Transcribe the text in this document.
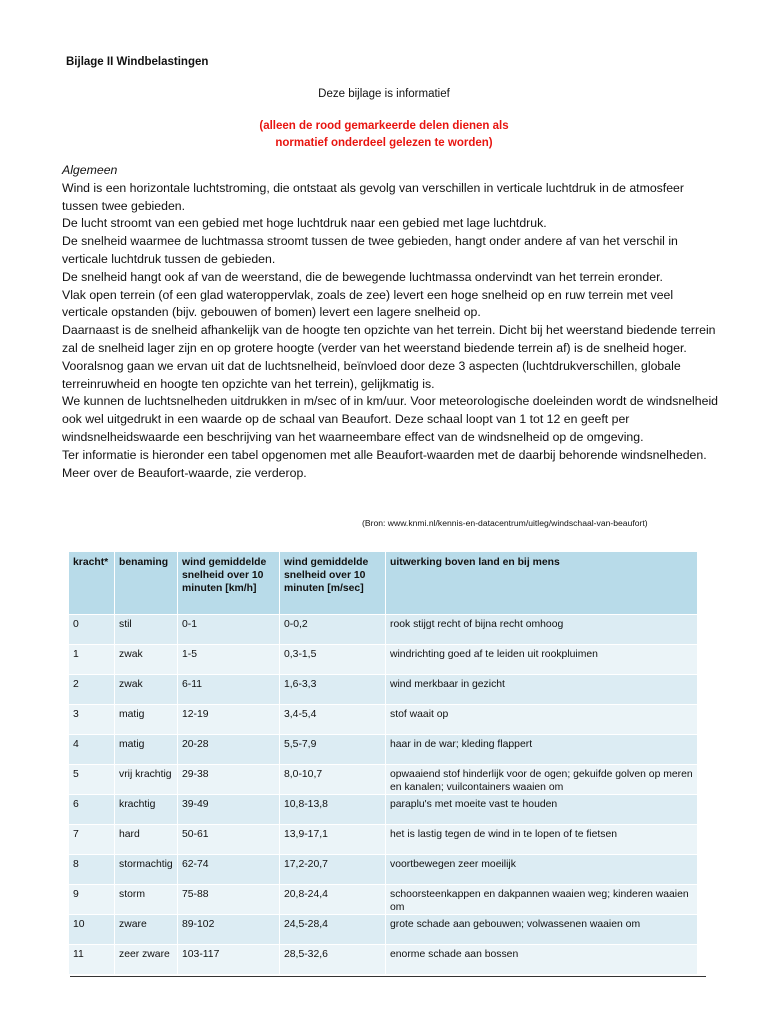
Bijlage II Windbelastingen
Deze bijlage is informatief
(alleen de rood gemarkeerde delen dienen als
normatief onderdeel gelezen te worden)

Algemeen

Wind is een horizontale luchtstroming, die ontstaat als gevolg van verschillen in verticale luchtdruk in de atmosfeer tussen twee gebieden.

De lucht stroomt van een gebied met hoge luchtdruk naar een gebied met lage luchtdruk.

De snelheid waarmee de luchtmassa stroomt tussen de twee gebieden, hangt onder andere af van het verschil in verticale luchtdruk tussen de gebieden.

De snelheid hangt ook af van de weerstand, die de bewegende luchtmassa ondervindt van het terrein eronder.

Vlak open terrein (of een glad wateroppervlak, zoals de zee) levert een hoge snelheid op en ruw terrein met veel verticale opstanden (bijv. gebouwen of bomen) levert een lagere snelheid op.

Daarnaast is de snelheid afhankelijk van de hoogte ten opzichte van het terrein. Dicht bij het weerstand biedende terrein zal de snelheid lager zijn en op grotere hoogte (verder van het weerstand biedende terrein af) is de snelheid hoger.

Vooralsnog gaan we ervan uit dat de luchtsnelheid, beïnvloed door deze 3 aspecten (luchtdrukverschillen, globale terreinruwheid en hoogte ten opzichte van het terrein), gelijkmatig is.

We kunnen de luchtsnelheden uitdrukken in m/sec of in km/uur. Voor meteorologische doeleinden wordt de windsnelheid ook wel uitgedrukt in een waarde op de schaal van Beaufort. Deze schaal loopt van 1 tot 12 en geeft per windsnelheidswaarde een beschrijving van het waarneembare effect van de windsnelheid op de omgeving.

Ter informatie is hieronder een tabel opgenomen met alle Beaufort-waarden met de daarbij behorende windsnelheden. Meer over de Beaufort-waarde, zie verderop.

(Bron: www.knmi.nl/kennis-en-datacentrum/uitleg/windschaal-van-beaufort)
kracht*	benaming	wind gemiddelde snelheid over 10 minuten [km/h]	wind gemiddelde snelheid over 10 minuten [m/sec]	uitwerking boven land en bij mens
0	stil	0-1	0-0,2	rook stijgt recht of bijna recht omhoog
1	zwak	1-5	0,3-1,5	windrichting goed af te leiden uit rookpluimen
2	zwak	6-11	1,6-3,3	wind merkbaar in gezicht
3	matig	12-19	3,4-5,4	stof waait op
4	matig	20-28	5,5-7,9	haar in de war; kleding flappert
5	vrij krachtig	29-38	8,0-10,7	opwaaiend stof hinderlijk voor de ogen; gekuifde golven op meren en kanalen; vuilcontainers waaien om
6	krachtig	39-49	10,8-13,8	paraplu's met moeite vast te houden
7	hard	50-61	13,9-17,1	het is lastig tegen de wind in te lopen of te fietsen
8	stormachtig	62-74	17,2-20,7	voortbewegen zeer moeilijk
9	storm	75-88	20,8-24,4	schoorsteenkappen en dakpannen waaien weg; kinderen waaien om
10	zware	89-102	24,5-28,4	grote schade aan gebouwen; volwassenen waaien om
11	zeer zware	103-117	28,5-32,6	enorme schade aan bossen
